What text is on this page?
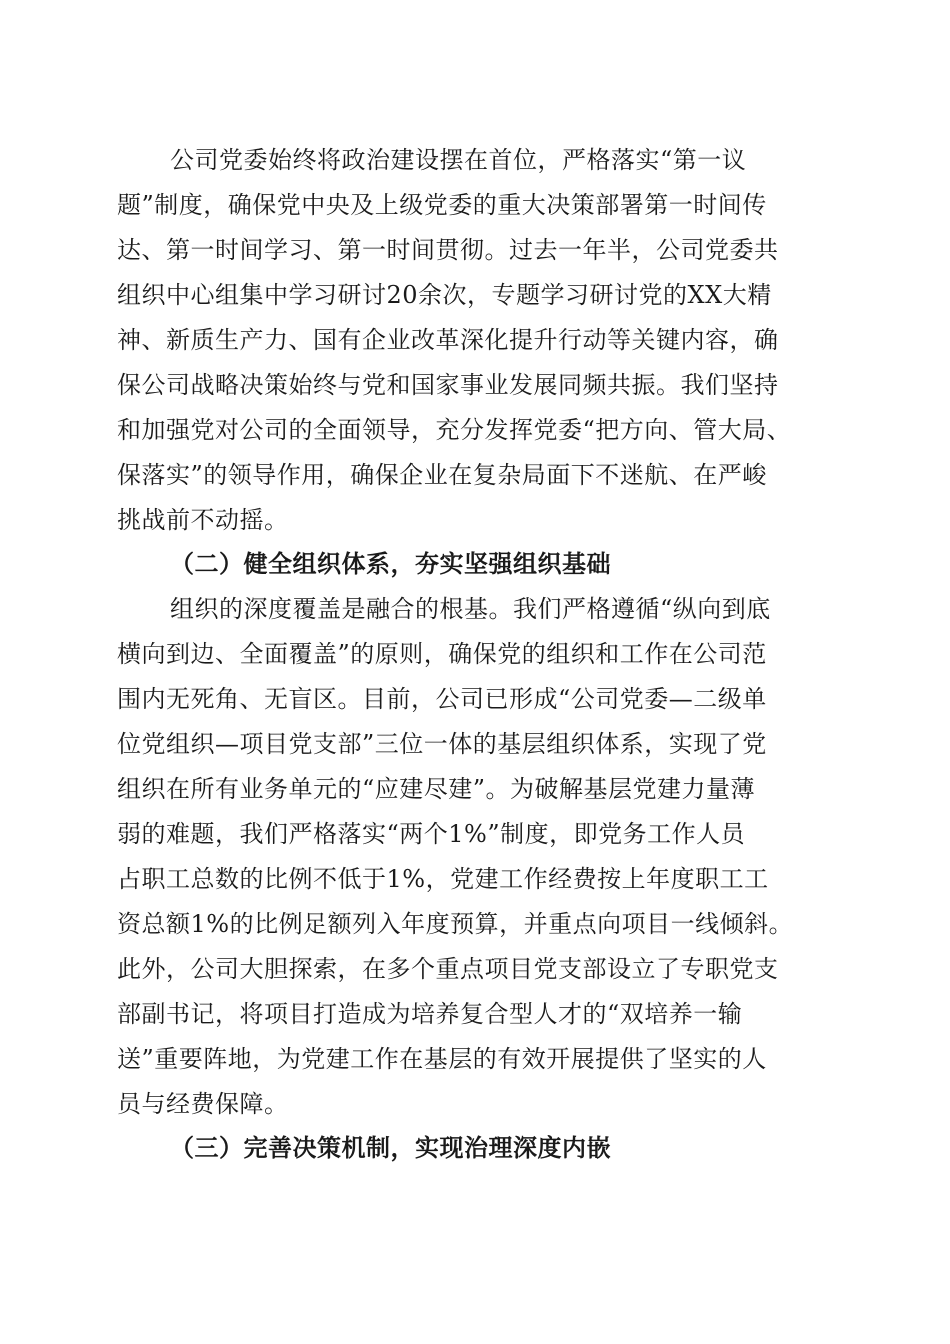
公司党委始终将政治建设摆在首位，严格落实“第一议
题”制度，确保党中央及上级党委的重大决策部署第一时间传
达、第一时间学习、第一时间贯彻。过去一年半，公司党委共
组织中心组集中学习研讨20余次，专题学习研讨党的XX大精
神、新质生产力、国有企业改革深化提升行动等关键内容，确
保公司战略决策始终与党和国家事业发展同频共振。我们坚持
和加强党对公司的全面领导，充分发挥党委“把方向、管大局、
保落实”的领导作用，确保企业在复杂局面下不迷航、在严峻
挑战前不动摇。
（二）健全组织体系，夯实坚强组织基础
组织的深度覆盖是融合的根基。我们严格遵循“纵向到底
横向到边、全面覆盖”的原则，确保党的组织和工作在公司范
围内无死角、无盲区。目前，公司已形成“公司党委—二级单
位党组织—项目党支部”三位一体的基层组织体系，实现了党
组织在所有业务单元的“应建尽建”。为破解基层党建力量薄
弱的难题，我们严格落实“两个1%”制度，即党务工作人员
占职工总数的比例不低于1%，党建工作经费按上年度职工工
资总额1%的比例足额列入年度预算，并重点向项目一线倾斜。
此外，公司大胆探索，在多个重点项目党支部设立了专职党支
部副书记，将项目打造成为培养复合型人才的“双培养一输
送”重要阵地，为党建工作在基层的有效开展提供了坚实的人
员与经费保障。
（三）完善决策机制，实现治理深度内嵌
